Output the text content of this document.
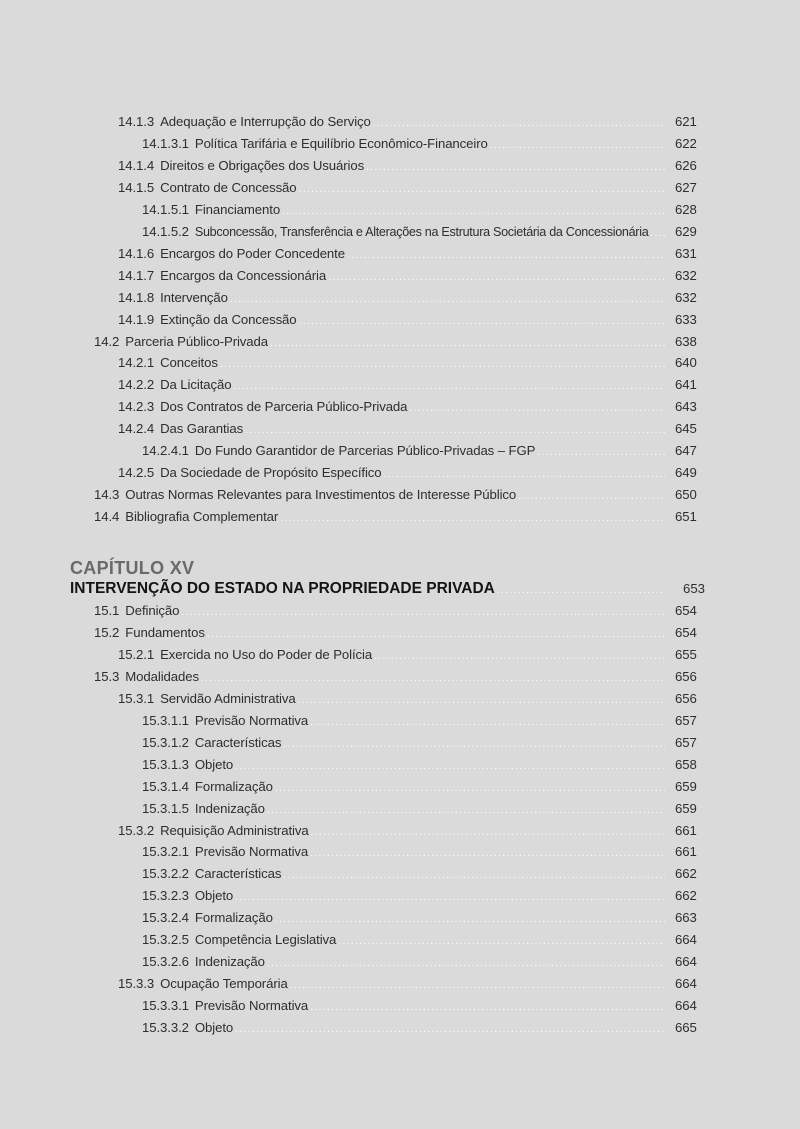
14.1.3 Adequação e Interrupção do Serviço .....	621
14.1.3.1 Política Tarifária e Equilíbrio Econômico-Financeiro .....	622
14.1.4 Direitos e Obrigações dos Usuários .....	626
14.1.5 Contrato de Concessão .....	627
14.1.5.1 Financiamento .....	628
14.1.5.2 Subconcessão, Transferência e Alterações na Estrutura Societária da Concessionária ..... 629
14.1.6 Encargos do Poder Concedente .....	631
14.1.7 Encargos da Concessionária .....	632
14.1.8 Intervenção .....	632
14.1.9 Extinção da Concessão .....	633
14.2 Parceria Público-Privada .....	638
14.2.1 Conceitos .....	640
14.2.2 Da Licitação .....	641
14.2.3 Dos Contratos de Parceria Público-Privada .....	643
14.2.4 Das Garantias .....	645
14.2.4.1 Do Fundo Garantidor de Parcerias Público-Privadas – FGP .....	647
14.2.5 Da Sociedade de Propósito Específico .....	649
14.3 Outras Normas Relevantes para Investimentos de Interesse Público .....	650
14.4 Bibliografia Complementar .....	651
CAPÍTULO XV
INTERVENÇÃO DO ESTADO NA PROPRIEDADE PRIVADA .....	653
15.1 Definição .....	654
15.2 Fundamentos .....	654
15.2.1 Exercida no Uso do Poder de Polícia .....	655
15.3 Modalidades .....	656
15.3.1 Servidão Administrativa .....	656
15.3.1.1 Previsão Normativa .....	657
15.3.1.2 Características .....	657
15.3.1.3 Objeto .....	658
15.3.1.4 Formalização .....	659
15.3.1.5 Indenização .....	659
15.3.2 Requisição Administrativa .....	661
15.3.2.1 Previsão Normativa .....	661
15.3.2.2 Características .....	662
15.3.2.3 Objeto .....	662
15.3.2.4 Formalização .....	663
15.3.2.5 Competência Legislativa .....	664
15.3.2.6 Indenização .....	664
15.3.3 Ocupação Temporária .....	664
15.3.3.1 Previsão Normativa .....	664
15.3.3.2 Objeto .....	665
